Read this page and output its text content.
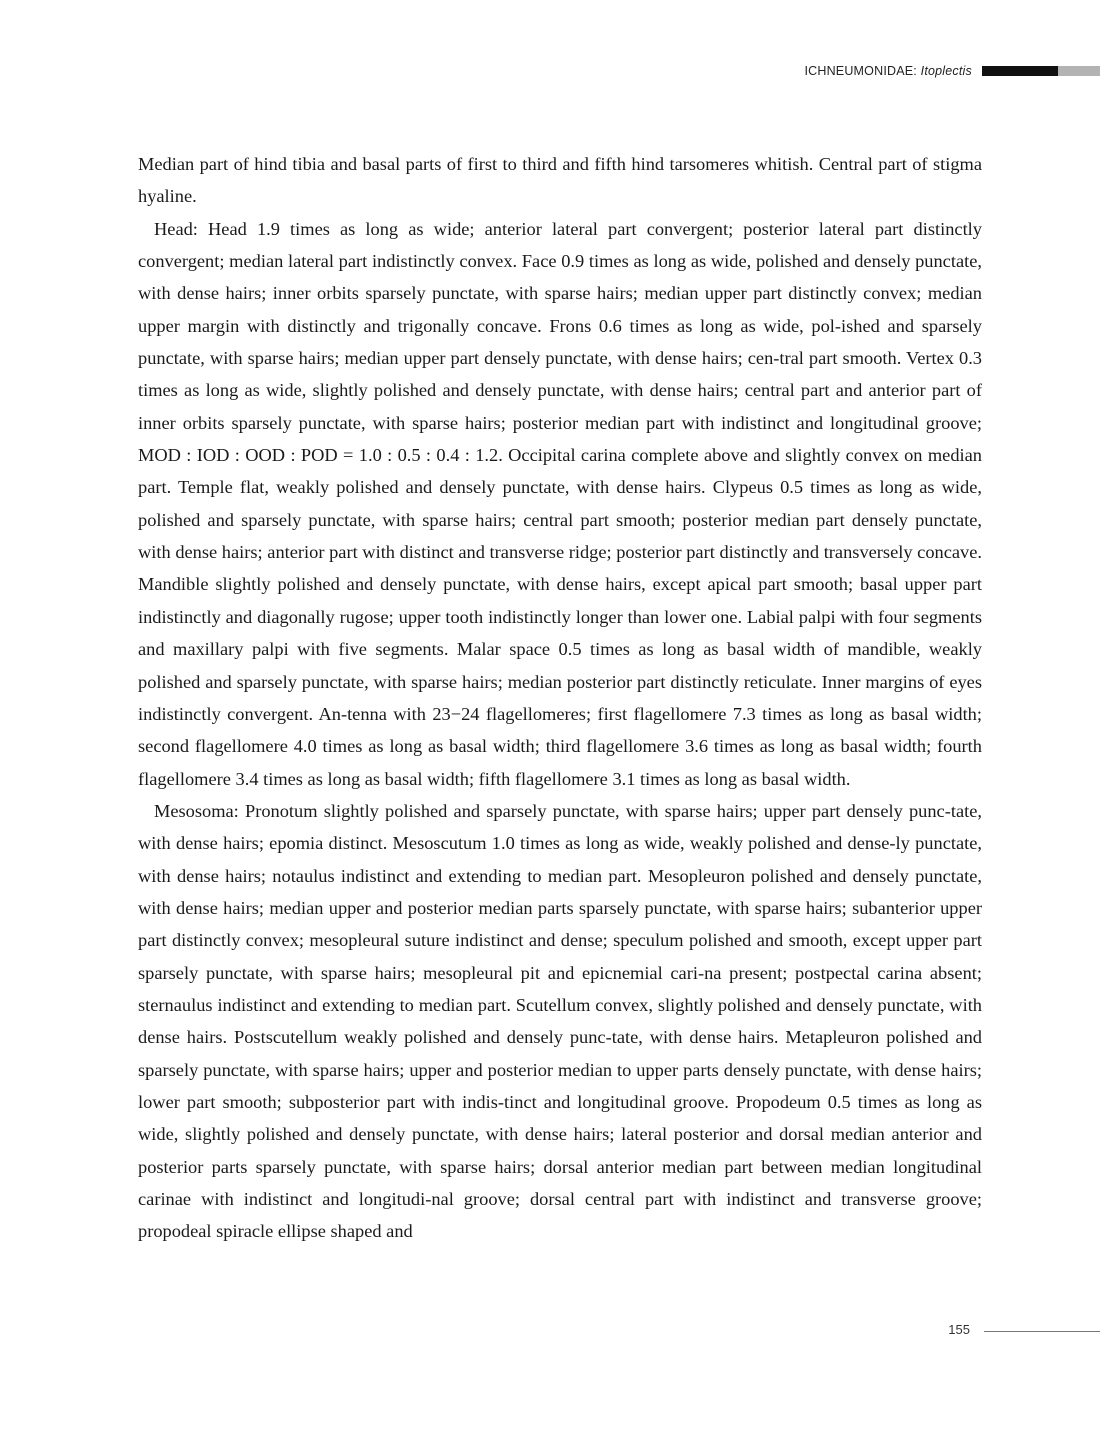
ICHNEUMONIDAE: Itoplectis

Median part of hind tibia and basal parts of first to third and fifth hind tarsomeres whitish. Central part of stigma hyaline.

Head: Head 1.9 times as long as wide; anterior lateral part convergent; posterior lateral part distinctly convergent; median lateral part indistinctly convex. Face 0.9 times as long as wide, polished and densely punctate, with dense hairs; inner orbits sparsely punctate, with sparse hairs; median upper part distinctly convex; median upper margin with distinctly and trigonally concave. Frons 0.6 times as long as wide, pol-ished and sparsely punctate, with sparse hairs; median upper part densely punctate, with dense hairs; cen-tral part smooth. Vertex 0.3 times as long as wide, slightly polished and densely punctate, with dense hairs; central part and anterior part of inner orbits sparsely punctate, with sparse hairs; posterior median part with indistinct and longitudinal groove; MOD : IOD : OOD : POD = 1.0 : 0.5 : 0.4 : 1.2. Occipital carina complete above and slightly convex on median part. Temple flat, weakly polished and densely punctate, with dense hairs. Clypeus 0.5 times as long as wide, polished and sparsely punctate, with sparse hairs; central part smooth; posterior median part densely punctate, with dense hairs; anterior part with distinct and transverse ridge; posterior part distinctly and transversely concave. Mandible slightly polished and densely punctate, with dense hairs, except apical part smooth; basal upper part indistinctly and diagonally rugose; upper tooth indistinctly longer than lower one. Labial palpi with four segments and maxillary palpi with five segments. Malar space 0.5 times as long as basal width of mandible, weakly polished and sparsely punctate, with sparse hairs; median posterior part distinctly reticulate. Inner margins of eyes indistinctly convergent. An-tenna with 23−24 flagellomeres; first flagellomere 7.3 times as long as basal width; second flagellomere 4.0 times as long as basal width; third flagellomere 3.6 times as long as basal width; fourth flagellomere 3.4 times as long as basal width; fifth flagellomere 3.1 times as long as basal width.

Mesosoma: Pronotum slightly polished and sparsely punctate, with sparse hairs; upper part densely punc-tate, with dense hairs; epomia distinct. Mesoscutum 1.0 times as long as wide, weakly polished and dense-ly punctate, with dense hairs; notaulus indistinct and extending to median part. Mesopleuron polished and densely punctate, with dense hairs; median upper and posterior median parts sparsely punctate, with sparse hairs; subanterior upper part distinctly convex; mesopleural suture indistinct and dense; speculum polished and smooth, except upper part sparsely punctate, with sparse hairs; mesopleural pit and epicnemial cari-na present; postpectal carina absent; sternaulus indistinct and extending to median part. Scutellum convex, slightly polished and densely punctate, with dense hairs. Postscutellum weakly polished and densely punc-tate, with dense hairs. Metapleuron polished and sparsely punctate, with sparse hairs; upper and posterior median to upper parts densely punctate, with dense hairs; lower part smooth; subposterior part with indis-tinct and longitudinal groove. Propodeum 0.5 times as long as wide, slightly polished and densely punctate, with dense hairs; lateral posterior and dorsal median anterior and posterior parts sparsely punctate, with sparse hairs; dorsal anterior median part between median longitudinal carinae with indistinct and longitudi-nal groove; dorsal central part with indistinct and transverse groove; propodeal spiracle ellipse shaped and

155
